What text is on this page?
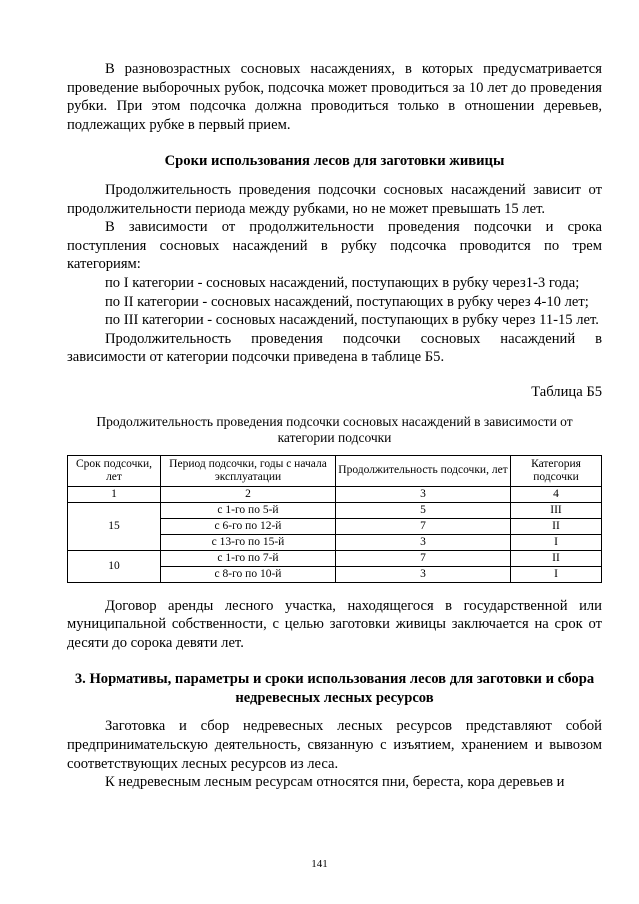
В разновозрастных сосновых насаждениях, в которых предусматривается проведение выборочных рубок, подсочка может проводиться за 10 лет до проведения рубки. При этом подсочка должна проводиться только в отношении деревьев, подлежащих рубке в первый прием.

Сроки использования лесов для заготовки живицы

Продолжительность проведения подсочки сосновых насаждений зависит от продолжительности периода между рубками, но не может превышать 15 лет.

В зависимости от продолжительности проведения подсочки и срока поступления сосновых насаждений в рубку подсочка проводится по трем категориям:

по I категории - сосновых насаждений, поступающих в рубку через1-3 года;

по II категории - сосновых насаждений, поступающих в рубку через 4-10 лет;

по III категории - сосновых насаждений, поступающих в рубку через 11-15 лет.

Продолжительность проведения подсочки сосновых насаждений в зависимости от категории подсочки приведена в таблице Б5.

Таблица Б5

Продолжительность проведения подсочки сосновых насаждений в зависимости от категории подсочки

Срок подсочки, лет	Период подсочки, годы с начала эксплуатации	Продолжительность подсочки, лет	Категория подсочки
1	2	3	4
15	с 1-го по 5-й	5	III
	с 6-го по 12-й	7	II
	с 13-го по 15-й	3	I
10	с 1-го по 7-й	7	II
	с 8-го по 10-й	3	I

Договор аренды лесного участка, находящегося в государственной или муниципальной собственности, с целью заготовки живицы заключается на срок от десяти до сорока девяти лет.

3. Нормативы, параметры и сроки использования лесов для заготовки и сбора недревесных лесных ресурсов

Заготовка и сбор недревесных лесных ресурсов представляют собой предпринимательскую деятельность, связанную с изъятием, хранением и вывозом соответствующих лесных ресурсов из леса.

К недревесным лесным ресурсам относятся пни, береста, кора деревьев и

141
